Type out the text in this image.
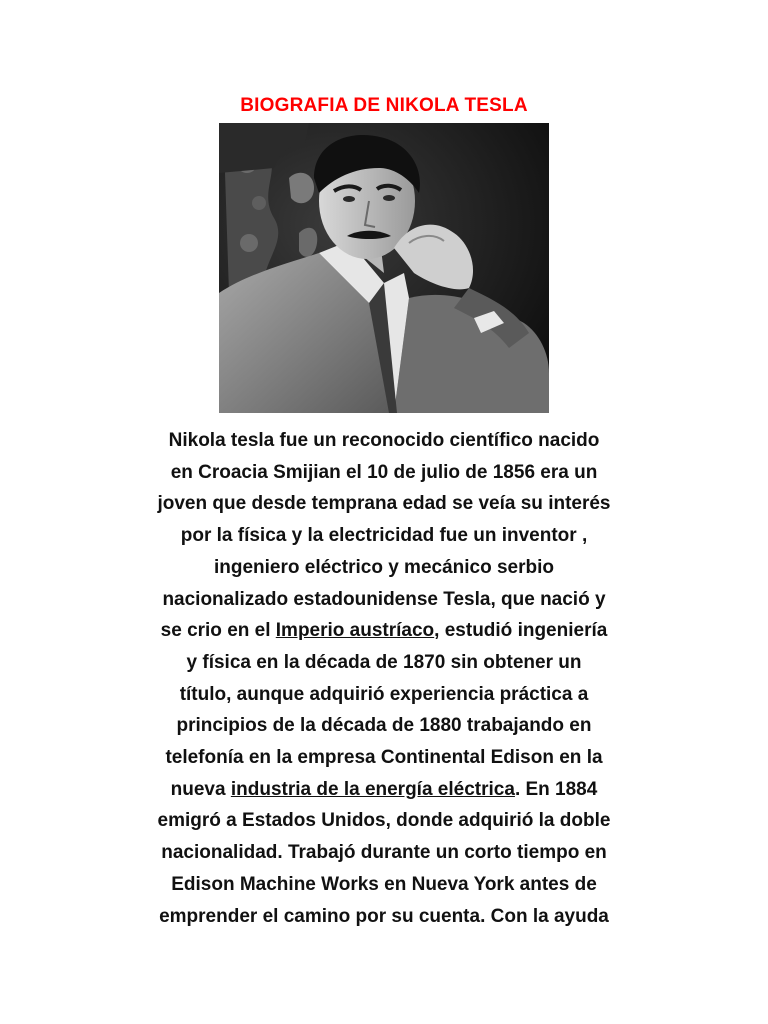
BIOGRAFIA DE NIKOLA TESLA
Nikola tesla fue un reconocido científico nacido
en Croacia Smijian el 10 de julio de 1856 era un
joven que desde temprana edad se veía su interés
por la física y la electricidad fue un inventor ,
ingeniero eléctrico y mecánico serbio
nacionalizado estadounidense Tesla, que nació y
se crio en el Imperio austríaco, estudió ingeniería
y física en la década de 1870 sin obtener un
título, aunque adquirió experiencia práctica a
principios de la década de 1880 trabajando en
telefonía en la empresa Continental Edison en la
nueva industria de la energía eléctrica. En 1884
emigró a Estados Unidos, donde adquirió la doble
nacionalidad. Trabajó durante un corto tiempo en
Edison Machine Works en Nueva York antes de
emprender el camino por su cuenta. Con la ayuda
